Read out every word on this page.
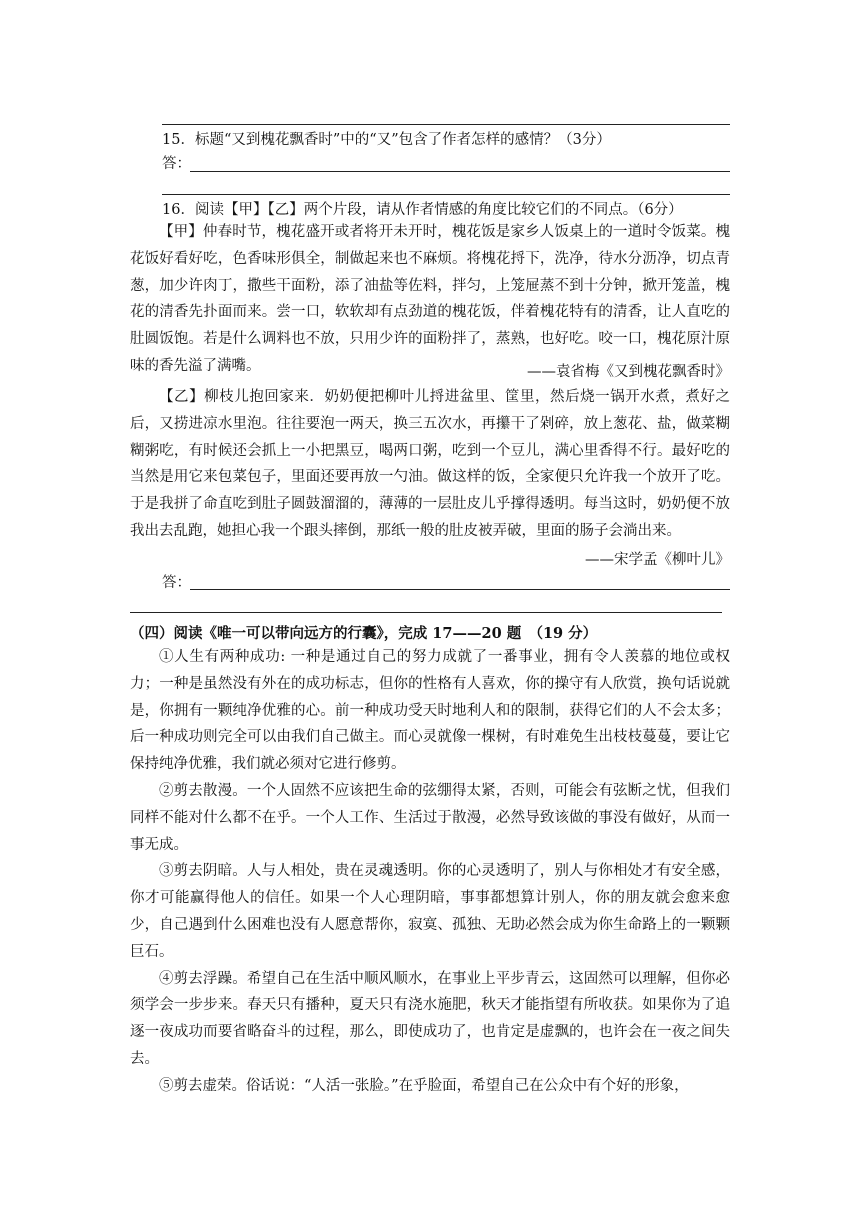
15．标题“又到槐花飘香时”中的“又”包含了作者怎样的感情？（3分）
答：
16．阅读【甲】【乙】两个片段，请从作者情感的角度比较它们的不同点。（6分）

【甲】仲春时节，槐花盛开或者将开未开时，槐花饭是家乡人饭桌上的一道时令饭菜。槐花饭好看好吃，色香味形俱全，制做起来也不麻烦。将槐花捋下，洗净，待水分沥净，切点青葱，加少许肉丁，撒些干面粉，添了油盐等佐料，拌匀，上笼屉蒸不到十分钟，掀开笼盖，槐花的清香先扑面而来。尝一口，软软却有点劲道的槐花饭，伴着槐花特有的清香，让人直吃的肚圆饭饱。若是什么调料也不放，只用少许的面粉拌了，蒸熟，也好吃。咬一口，槐花原汁原味的香先溢了满嘴。	——袁省梅《又到槐花飘香时》

【乙】柳枝儿抱回家来．奶奶便把柳叶儿捋进盆里、筐里，然后烧一锅开水煮，煮好之后，又捞进凉水里泡。往往要泡一两天，换三五次水，再攥干了剁碎，放上葱花、盐，做菜糊糊粥吃，有时候还会抓上一小把黑豆，喝两口粥，吃到一个豆儿，满心里香得不行。最好吃的当然是用它来包菜包子，里面还要再放一勺油。做这样的饭，全家便只允许我一个放开了吃。于是我拼了命直吃到肚子圆鼓溜溜的，薄薄的一层肚皮儿乎撑得透明。每当这时，奶奶便不放我出去乱跑，她担心我一个跟头摔倒，那纸一般的肚皮被弄破，里面的肠子会淌出来。

——宋学孟《柳叶儿》
答：
（四）阅读《唯一可以带向远方的行囊》，完成 17——20 题　（19 分）

①人生有两种成功: 一种是通过自己的努力成就了一番事业，拥有令人羡慕的地位或权力；一种是虽然没有外在的成功标志，但你的性格有人喜欢，你的操守有人欣赏，换句话说就是，你拥有一颗纯净优雅的心。前一种成功受天时地利人和的限制，获得它们的人不会太多；后一种成功则完全可以由我们自己做主。而心灵就像一棵树，有时难免生出枝枝蔓蔓，要让它保持纯净优雅，我们就必须对它进行修剪。

②剪去散漫。一个人固然不应该把生命的弦绷得太紧，否则，可能会有弦断之忧，但我们　同样不能对什么都不在乎。一个人工作、生活过于散漫，必然导致该做的事没有做好，从而一事无成。

③剪去阴暗。人与人相处，贵在灵魂透明。你的心灵透明了，别人与你相处才有安全感，你才可能赢得他人的信任。如果一个人心理阴暗，事事都想算计别人，你的朋友就会愈来愈少，自己遇到什么困难也没有人愿意帮你，寂寞、孤独、无助必然会成为你生命路上的一颗颗巨石。

④剪去浮躁。希望自己在生活中顺风顺水，在事业上平步青云，这固然可以理解，但你必须学会一步步来。春天只有播种，夏天只有浇水施肥，秋天才能指望有所收获。如果你为了追逐一夜成功而要省略奋斗的过程，那么，即使成功了，也肯定是虚飘的，也许会在一夜之间失去。

⑤剪去虚荣。俗话说：“人活一张脸。”在乎脸面，希望自己在公众中有个好的形象，
